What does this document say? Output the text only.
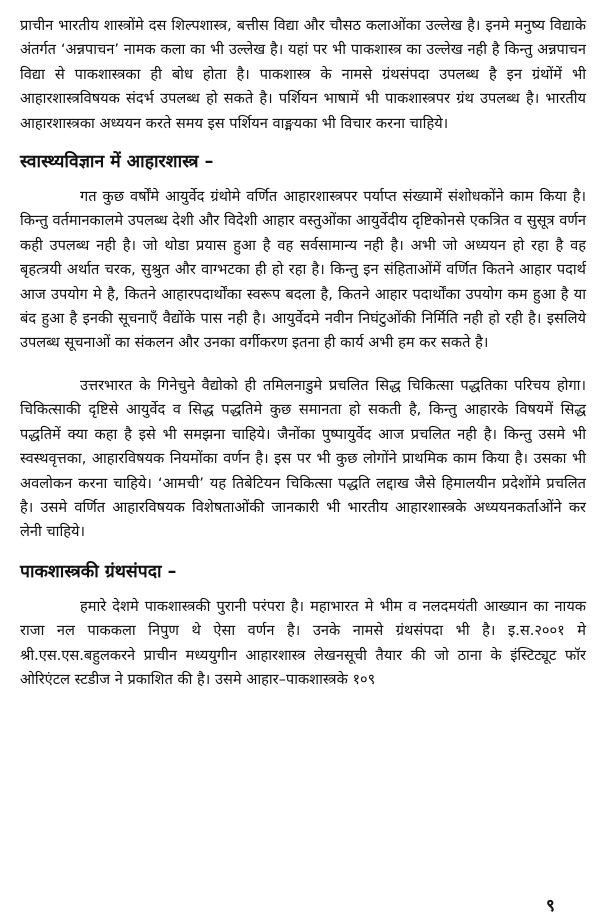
प्राचीन भारतीय शास्त्रोंमे दस शिल्पशास्त्र, बत्तीस विद्या और चौसठ कलाओंका उल्लेख है। इनमे मनुष्य विद्याके अंतर्गत ‘अन्नपाचन’ नामक कला का भी उल्लेख है। यहां पर भी पाकशास्त्र का उल्लेख नही है किन्तु अन्नपाचन विद्या से पाकशास्त्रका ही बोध होता है। पाकशास्त्र के नामसे ग्रंथसंपदा उपलब्ध है इन ग्रंथोंमें भी आहारशास्त्रविषयक संदर्भ उपलब्ध हो सकते है। पर्शियन भाषामें भी पाकशास्त्रपर ग्रंथ उपलब्ध है। भारतीय आहारशास्त्रका अध्ययन करते समय इस पर्शियन वाङ्मयका भी विचार करना चाहिये।

स्वास्थ्यविज्ञान में आहारशास्त्र –

गत कुछ वर्षोंमे आयुर्वेद ग्रंथोमे वर्णित आहारशास्त्रपर पर्याप्त संख्यामें संशोधकोंने काम किया है। किन्तु वर्तमानकालमे उपलब्ध देशी और विदेशी आहार वस्तुओंका आयुर्वेदीय दृष्टिकोनसे एकत्रित व सुसूत्र वर्णन कही उपलब्ध नही है। जो थोडा प्रयास हुआ है वह सर्वसामान्य नही है। अभी जो अध्ययन हो रहा है वह बृहत्त्रयी अर्थात चरक, सुश्रुत और वाग्भटका ही हो रहा है। किन्तु इन संहिताओंमें वर्णित कितने आहार पदार्थ आज उपयोग मे है, कितने आहारपदार्थोंका स्वरूप बदला है, कितने आहार पदार्थोंका उपयोग कम हुआ है या बंद हुआ है इनकी सूचनाएँ वैद्योंके पास नही है। आयुर्वेदमे नवीन निघंटुओंकी निर्मिति नही हो रही है। इसलिये उपलब्ध सूचनाओं का संकलन और उनका वर्गीकरण इतना ही कार्य अभी हम कर सकते है।

उत्तरभारत के गिनेचुने वैद्योको ही तमिलनाडुमे प्रचलित सिद्ध चिकित्सा पद्धतिका परिचय होगा। चिकित्साकी दृष्टिसे आयुर्वेद व सिद्ध पद्धतिमे कुछ समानता हो सकती है, किन्तु आहारके विषयमें सिद्ध पद्धतिमें क्या कहा है इसे भी समझना चाहिये। जैनोंका पुष्पायुर्वेद आज प्रचलित नही है। किन्तु उसमे भी स्वस्थवृत्तका, आहारविषयक नियमोंका वर्णन है। इस पर भी कुछ लोगोंने प्राथमिक काम किया है। उसका भी अवलोकन करना चाहिये। ‘आमची’ यह तिबेटियन चिकित्सा पद्धति लद्दाख जैसे हिमालयीन प्रदेशोंमे प्रचलित है। उसमे वर्णित आहारविषयक विशेषताओंकी जानकारी भी भारतीय आहारशास्त्रके अध्ययनकर्ताओंने कर लेनी चाहिये।

पाकशास्त्रकी ग्रंथसंपदा –

हमारे देशमे पाकशास्त्रकी पुरानी परंपरा है। महाभारत मे भीम व नलदमयंती आख्यान का नायक राजा नल पाककला निपुण थे ऐसा वर्णन है। उनके नामसे ग्रंथसंपदा भी है। इ.स.२००१ मे श्री.एस.एस.बहुलकरने प्राचीन मध्ययुगीन आहारशास्त्र लेखनसूची तैयार की जो ठाना के इंस्टिट्यूट फॉर ओरिएंटल स्टडीज ने प्रकाशित की है। उसमे आहार–पाकशास्त्रके १०९

९
